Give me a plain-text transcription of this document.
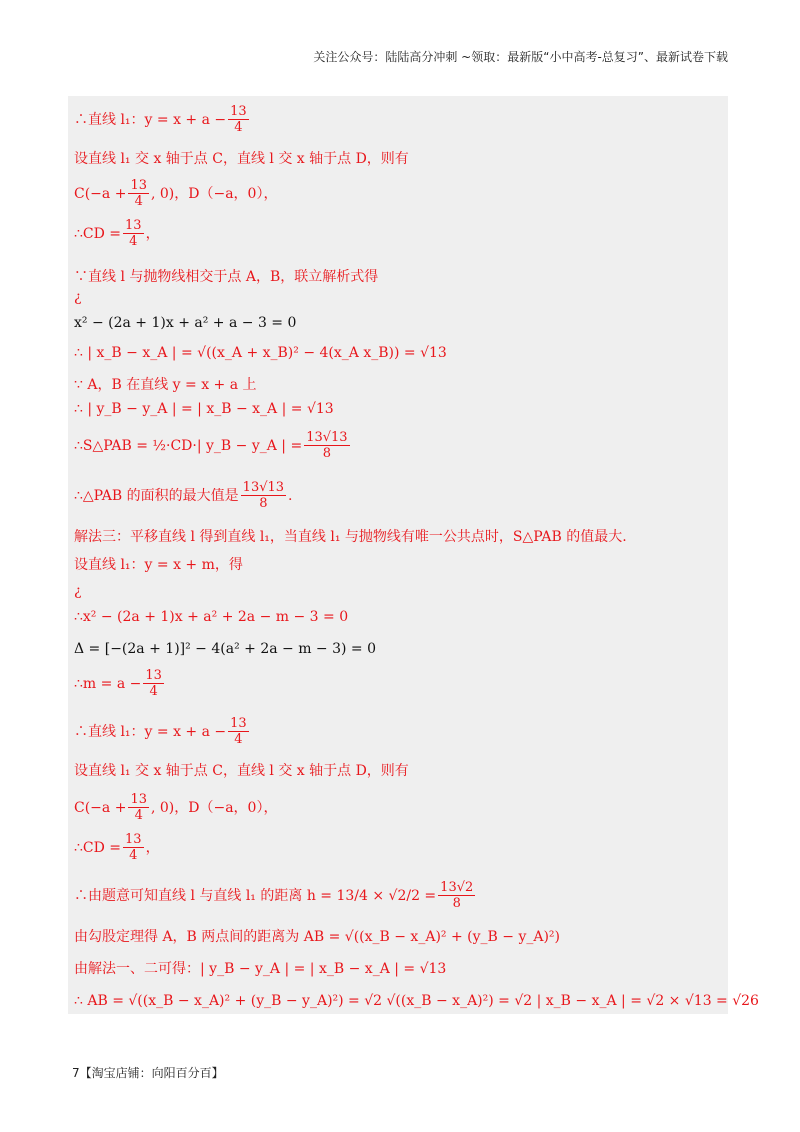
关注公众号：陆陆高分冲刺 ~领取：最新版“小中高考-总复习”、最新试卷下载
∴直线 l₁：$y = x + a - \frac{13}{4}$
设直线 l₁ 交 x 轴于点 C，直线 l 交 x 轴于点 D，则有
$C(-a + \frac{13}{4}$ , 0)，D（−a，0），
∴CD = $\frac{13}{4}$ ，
∵直线 l 与抛物线相交于点 A，B，联立解析式得
¿
x² − (2a + 1)x + a² + a − 3 = 0
∴ | x_B − x_A | = √((x_A + x_B)² − 4(x_A x_B)) = √13
∵ A，B 在直线 y = x + a 上
∴ | y_B − y_A | = | x_B − x_A | = √13
∴S△PAB = ½·CD·| y_B − y_A | = $\frac{13√13}{8}$
∴△PAB 的面积的最大值是 $\frac{13√13}{8}$ .
解法三：平移直线 l 得到直线 l₁，当直线 l₁ 与抛物线有唯一公共点时，S△PAB 的值最大.
设直线 l₁：y = x + m，得
¿
∴x² − (2a + 1)x + a² + 2a − m − 3 = 0
Δ = [−(2a + 1)]² − 4(a² + 2a − m − 3) = 0
∴m = $a - \frac{13}{4}$
∴直线 l₁：$y = x + a - \frac{13}{4}$
设直线 l₁ 交 x 轴于点 C，直线 l 交 x 轴于点 D，则有
$C(-a + \frac{13}{4}$ , 0)，D（−a，0），
∴CD = $\frac{13}{4}$ ，
∴由题意可知直线 l 与直线 l₁ 的距离 $h = 13/4 \times √2/2 = \frac{13√2}{8}$
由勾股定理得 A，B 两点间的距离为 AB = √((x_B − x_A)² + (y_B − y_A)²)
由解法一、二可得：| y_B − y_A | = | x_B − x_A | = √13
∴ AB = √((x_B − x_A)² + (y_B − y_A)²) = √2 √((x_B − x_A)²) = √2 | x_B − x_A | = √2 × √13 = √26
7【淘宝店铺：向阳百分百】
